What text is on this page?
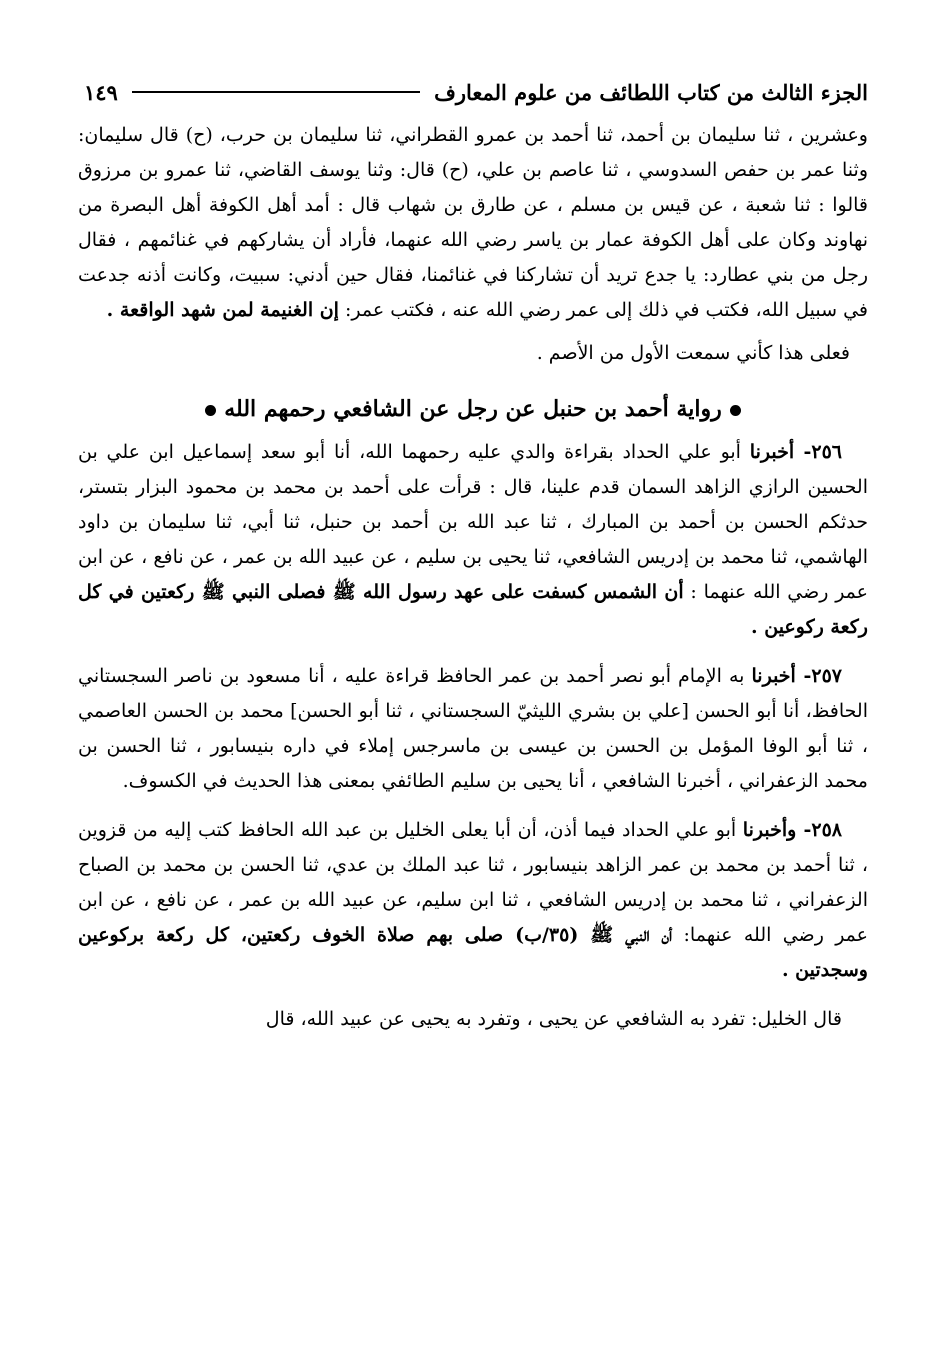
الجزء الثالث من كتاب اللطائف من علوم المعارف
١٤٩

وعشرين ، ثنا سليمان بن أحمد، ثنا أحمد بن عمرو القطراني، ثنا سليمان بن حرب، (ح) قال سليمان: وثنا عمر بن حفص السدوسي ، ثنا عاصم بن علي، (ح) قال: وثنا يوسف القاضي، ثنا عمرو بن مرزوق قالوا : ثنا شعبة ، عن قيس بن مسلم ، عن طارق بن شهاب قال : أمد أهل الكوفة أهل البصرة من نهاوند وكان على أهل الكوفة عمار بن ياسر رضي الله عنهما، فأراد أن يشاركهم في غنائمهم ، فقال رجل من بني عطارد: يا جدع تريد أن تشاركنا في غنائمنا، فقال حين أدني: سبيت، وكانت أذنه جدعت في سبيل الله، فكتب في ذلك إلى عمر رضي الله عنه ، فكتب عمر: إن الغنيمة لمن شهد الواقعة .

فعلى هذا كأني سمعت الأول من الأصم .

رواية أحمد بن حنبل عن رجل عن الشافعي رحمهم الله

٢٥٦- أخبرنا أبو علي الحداد بقراءة والدي عليه رحمهما الله، أنا أبو سعد إسماعيل ابن علي بن الحسين الرازي الزاهد السمان قدم علينا، قال : قرأت على أحمد بن محمد بن محمود البزار بتستر، حدثكم الحسن بن أحمد بن المبارك ، ثنا عبد الله بن أحمد بن حنبل، ثنا أبي، ثنا سليمان بن داود الهاشمي، ثنا محمد بن إدريس الشافعي، ثنا يحيى بن سليم ، عن عبيد الله بن عمر ، عن نافع ، عن ابن عمر رضي الله عنهما : أن الشمس كسفت على عهد رسول الله ﷺ فصلى النبي ﷺ ركعتين في كل ركعة ركوعين .

٢٥٧- أخبرنا به الإمام أبو نصر أحمد بن عمر الحافظ قراءة عليه ، أنا مسعود بن ناصر السجستاني الحافظ، أنا أبو الحسن [علي بن بشري الليثيّ السجستاني ، ثنا أبو الحسن] محمد بن الحسن العاصمي ، ثنا أبو الوفا المؤمل بن الحسن بن عيسى بن ماسرجس إملاء في داره بنيسابور ، ثنا الحسن بن محمد الزعفراني ، أخبرنا الشافعي ، أنا يحيى بن سليم الطائفي بمعنى هذا الحديث في الكسوف.

٢٥٨- وأخبرنا أبو علي الحداد فيما أذن، أن أبا يعلى الخليل بن عبد الله الحافظ كتب إليه من قزوين ، ثنا أحمد بن محمد بن عمر الزاهد بنيسابور ، ثنا عبد الملك بن عدي، ثنا الحسن بن محمد بن الصباح الزعفراني ، ثنا محمد بن إدريس الشافعي ، ثنا ابن سليم، عن عبيد الله بن عمر ، عن نافع ، عن ابن عمر رضي الله عنهما: أن النبي ﷺ (٣٥/ب) صلى بهم صلاة الخوف ركعتين، كل ركعة بركوعين وسجدتين .

قال الخليل: تفرد به الشافعي عن يحيى ، وتفرد به يحيى عن عبيد الله، قال
